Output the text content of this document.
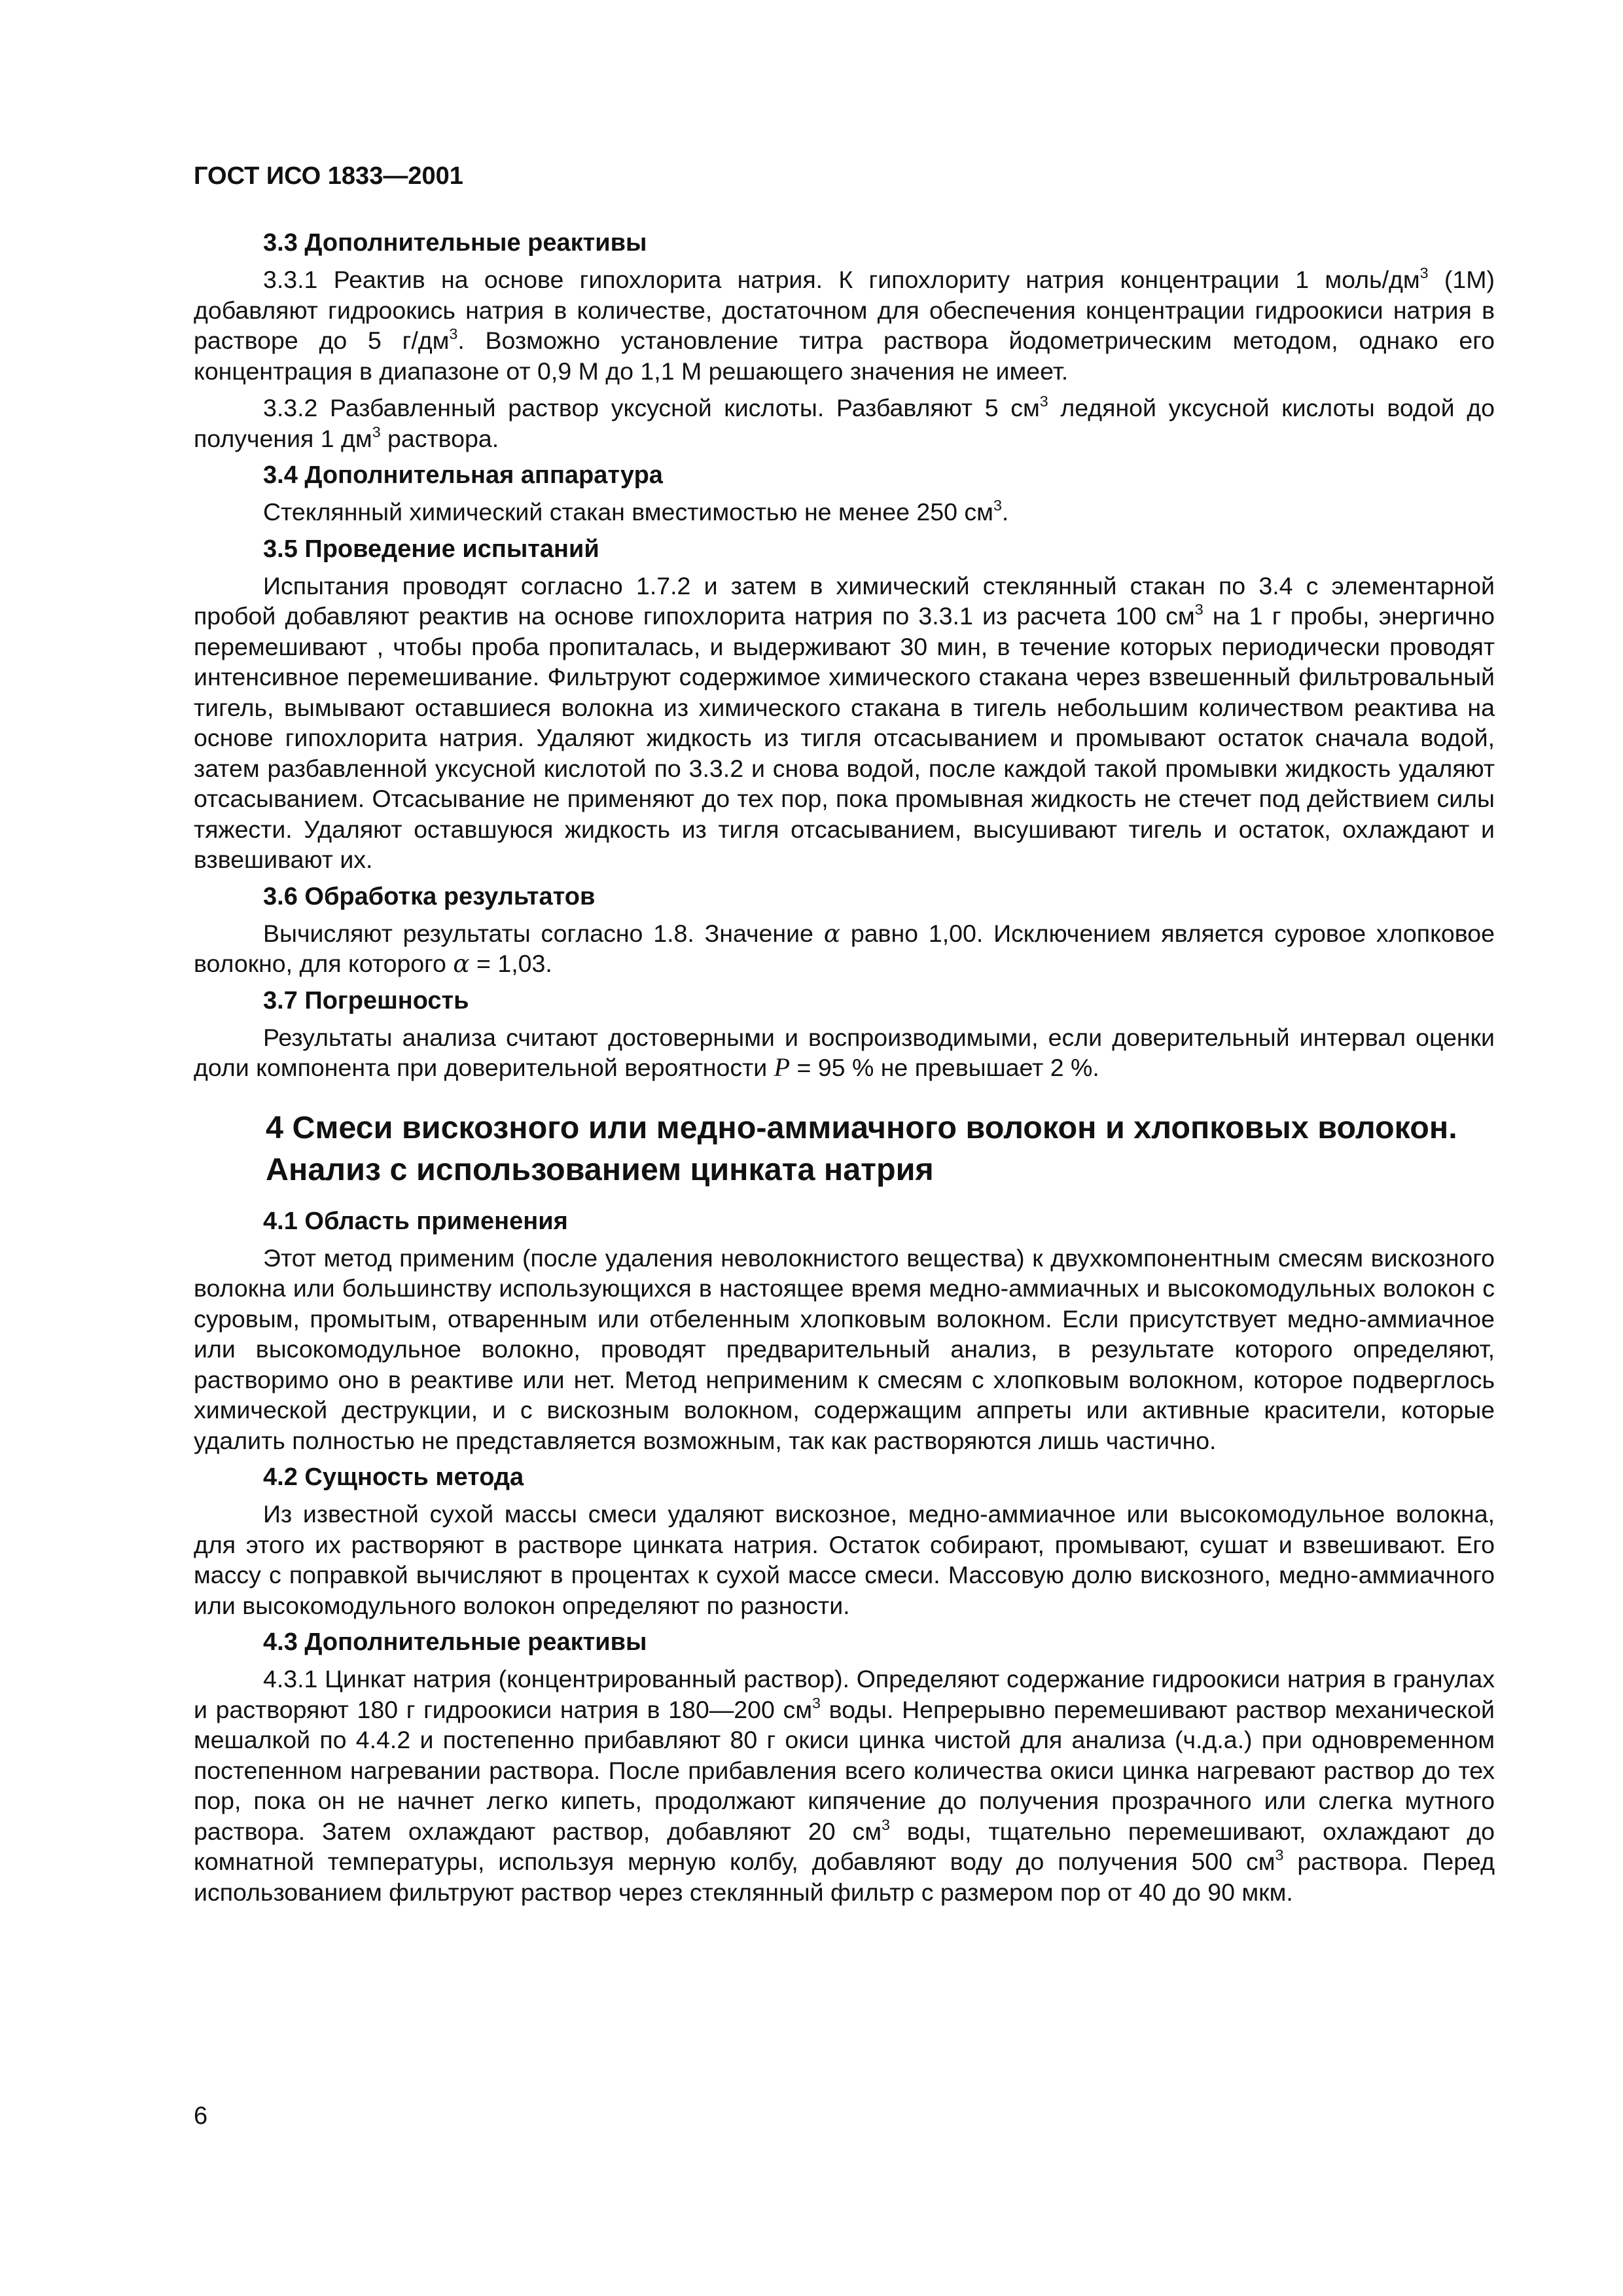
ГОСТ ИСО 1833—2001
3.3 Дополнительные реактивы

3.3.1 Реактив на основе гипохлорита натрия. К гипохлориту натрия концентрации 1 моль/$дм^3$ (1М) добавляют гидроокись натрия в количестве, достаточном для обеспечения концентрации гидроокиси натрия в растворе до 5 $г/дм^3$. Возможно установление титра раствора йодометрическим методом, однако его концентрация в диапазоне от 0,9 М до 1,1 М решающего значения не имеет.

3.3.2 Разбавленный раствор уксусной кислоты. Разбавляют 5 $см^3$ ледяной уксусной кислоты водой до получения 1 $дм^3$ раствора.

3.4 Дополнительная аппаратура

Стеклянный химический стакан вместимостью не менее 250 $см^3$.

3.5 Проведение испытаний

Испытания проводят согласно 1.7.2 и затем в химический стеклянный стакан по 3.4 с элементарной пробой добавляют реактив на основе гипохлорита натрия по 3.3.1 из расчета 100 $см^3$ на 1 г пробы, энергично перемешивают , чтобы проба пропиталась, и выдерживают 30 мин, в течение которых периодически проводят интенсивное перемешивание. Фильтруют содержимое химического стакана через взвешенный фильтровальный тигель, вымывают оставшиеся волокна из химического стакана в тигель небольшим количеством реактива на основе гипохлорита натрия. Удаляют жидкость из тигля отсасыванием и промывают остаток сначала водой, затем разбавленной уксусной кислотой по 3.3.2 и снова водой, после каждой такой промывки жидкость удаляют отсасыванием. Отсасывание не применяют до тех пор, пока промывная жидкость не стечет под действием силы тяжести. Удаляют оставшуюся жидкость из тигля отсасыванием, высушивают тигель и остаток, охлаждают и взвешивают их.

3.6 Обработка результатов

Вычисляют результаты согласно 1.8. Значение α равно 1,00. Исключением является суровое хлопковое волокно, для которого α = 1,03.

3.7 Погрешность

Результаты анализа считают достоверными и воспроизводимыми, если доверительный интервал оценки доли компонента при доверительной вероятности P = 95 % не превышает 2 %.

4 Смеси вискозного или медно-аммиачного волокон и хлопковых волокон.
Анализ с использованием цинката натрия
4.1 Область применения

Этот метод применим (после удаления неволокнистого вещества) к двухкомпонентным смесям вискозного волокна или большинству использующихся в настоящее время медно-аммиачных и высокомодульных волокон с суровым, промытым, отваренным или отбеленным хлопковым волокном. Если присутствует медно-аммиачное или высокомодульное волокно, проводят предварительный анализ, в результате которого определяют, растворимо оно в реактиве или нет. Метод неприменим к смесям с хлопковым волокном, которое подверглось химической деструкции, и с вискозным волокном, содержащим аппреты или активные красители, которые удалить полностью не представляется возможным, так как растворяются лишь частично.

4.2 Сущность метода

Из известной сухой массы смеси удаляют вискозное, медно-аммиачное или высокомодульное волокна, для этого их растворяют в растворе цинката натрия. Остаток собирают, промывают, сушат и взвешивают. Его массу с поправкой вычисляют в процентах к сухой массе смеси. Массовую долю вискозного, медно-аммиачного или высокомодульного волокон определяют по разности.

4.3 Дополнительные реактивы

4.3.1 Цинкат натрия (концентрированный раствор). Определяют содержание гидроокиси натрия в гранулах и растворяют 180 г гидроокиси натрия в 180—200 $см^3$ воды. Непрерывно перемешивают раствор механической мешалкой по 4.4.2 и постепенно прибавляют 80 г окиси цинка чистой для анализа (ч.д.а.) при одновременном постепенном нагревании раствора. После прибавления всего количества окиси цинка нагревают раствор до тех пор, пока он не начнет легко кипеть, продолжают кипячение до получения прозрачного или слегка мутного раствора. Затем охлаждают раствор, добавляют 20 $см^3$ воды, тщательно перемешивают, охлаждают до комнатной температуры, используя мерную колбу, добавляют воду до получения 500 $см^3$ раствора. Перед использованием фильтруют раствор через стеклянный фильтр с размером пор от 40 до 90 мкм.

6
